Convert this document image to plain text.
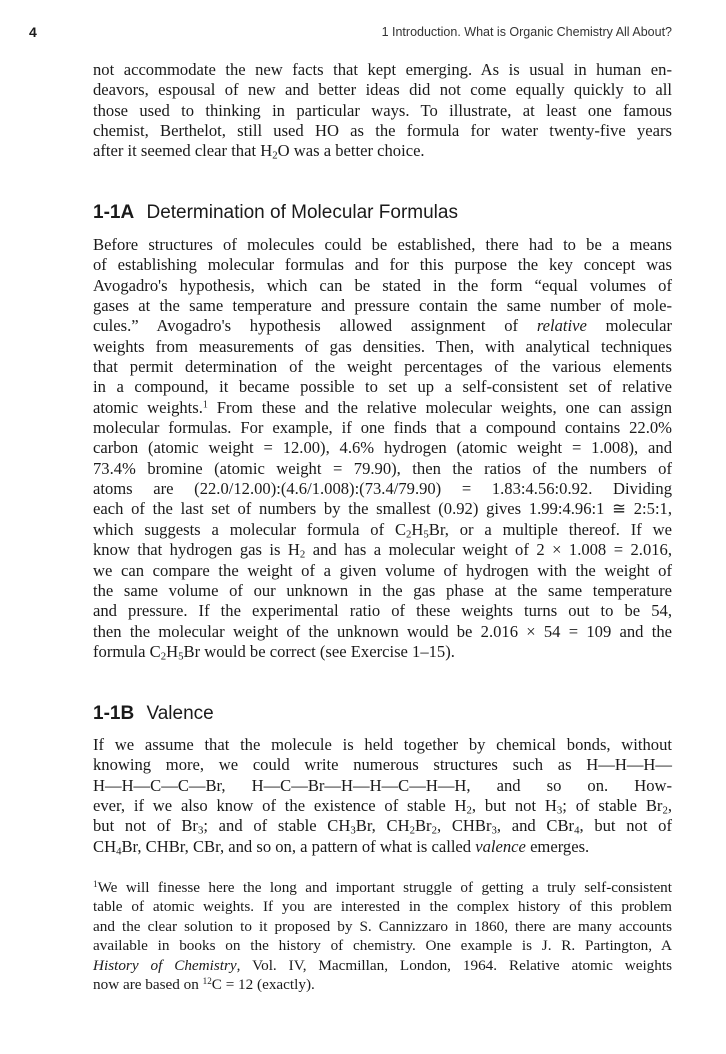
4	1 Introduction. What is Organic Chemistry All About?
not accommodate the new facts that kept emerging. As is usual in human en-
deavors, espousal of new and better ideas did not come equally quickly to all
those used to thinking in particular ways. To illustrate, at least one famous
chemist, Berthelot, still used HO as the formula for water twenty-five years
after it seemed clear that $H_2O$ was a better choice.
1-1A Determination of Molecular Formulas
Before structures of molecules could be established, there had to be a means
of establishing molecular formulas and for this purpose the key concept was
Avogadro's hypothesis, which can be stated in the form “equal volumes of
gases at the same temperature and pressure contain the same number of mole-
cules.” Avogadro's hypothesis allowed assignment of relative molecular
weights from measurements of gas densities. Then, with analytical techniques
that permit determination of the weight percentages of the various elements
in a compound, it became possible to set up a self-consistent set of relative
atomic weights.$^1$ From these and the relative molecular weights, one can assign
molecular formulas. For example, if one finds that a compound contains 22.0%
carbon (atomic weight = 12.00), 4.6% hydrogen (atomic weight = 1.008), and
73.4% bromine (atomic weight = 79.90), then the ratios of the numbers of
atoms are (22.0/12.00):(4.6/1.008):(73.4/79.90) = 1.83:4.56:0.92. Dividing
each of the last set of numbers by the smallest (0.92) gives 1.99:4.96:1 ≅ 2:5:1,
which suggests a molecular formula of $C_2H_5Br$, or a multiple thereof. If we
know that hydrogen gas is $H_2$ and has a molecular weight of 2 × 1.008 = 2.016,
we can compare the weight of a given volume of hydrogen with the weight of
the same volume of our unknown in the gas phase at the same temperature
and pressure. If the experimental ratio of these weights turns out to be 54,
then the molecular weight of the unknown would be 2.016 × 54 = 109 and the
formula $C_2H_5Br$ would be correct (see Exercise 1–15).
1-1B Valence
If we assume that the molecule is held together by chemical bonds, without
knowing more, we could write numerous structures such as H—H—H—
H—H—C—C—Br, H—C—Br—H—H—C—H—H, and so on. How-
ever, if we also know of the existence of stable $H_2$, but not $H_3$; of stable $Br_2$,
but not of $Br_3$; and of stable $CH_3Br$, $CH_2Br_2$, CHBr$_3$, and CBr$_4$, but not of
$CH_4Br$, CHBr, CBr, and so on, a pattern of what is called valence emerges.
$^1$We will finesse here the long and important struggle of getting a truly self-consistent
table of atomic weights. If you are interested in the complex history of this problem
and the clear solution to it proposed by S. Cannizzaro in 1860, there are many accounts
available in books on the history of chemistry. One example is J. R. Partington, A
History of Chemistry, Vol. IV, Macmillan, London, 1964. Relative atomic weights
now are based on $^{12}$C = 12 (exactly).
